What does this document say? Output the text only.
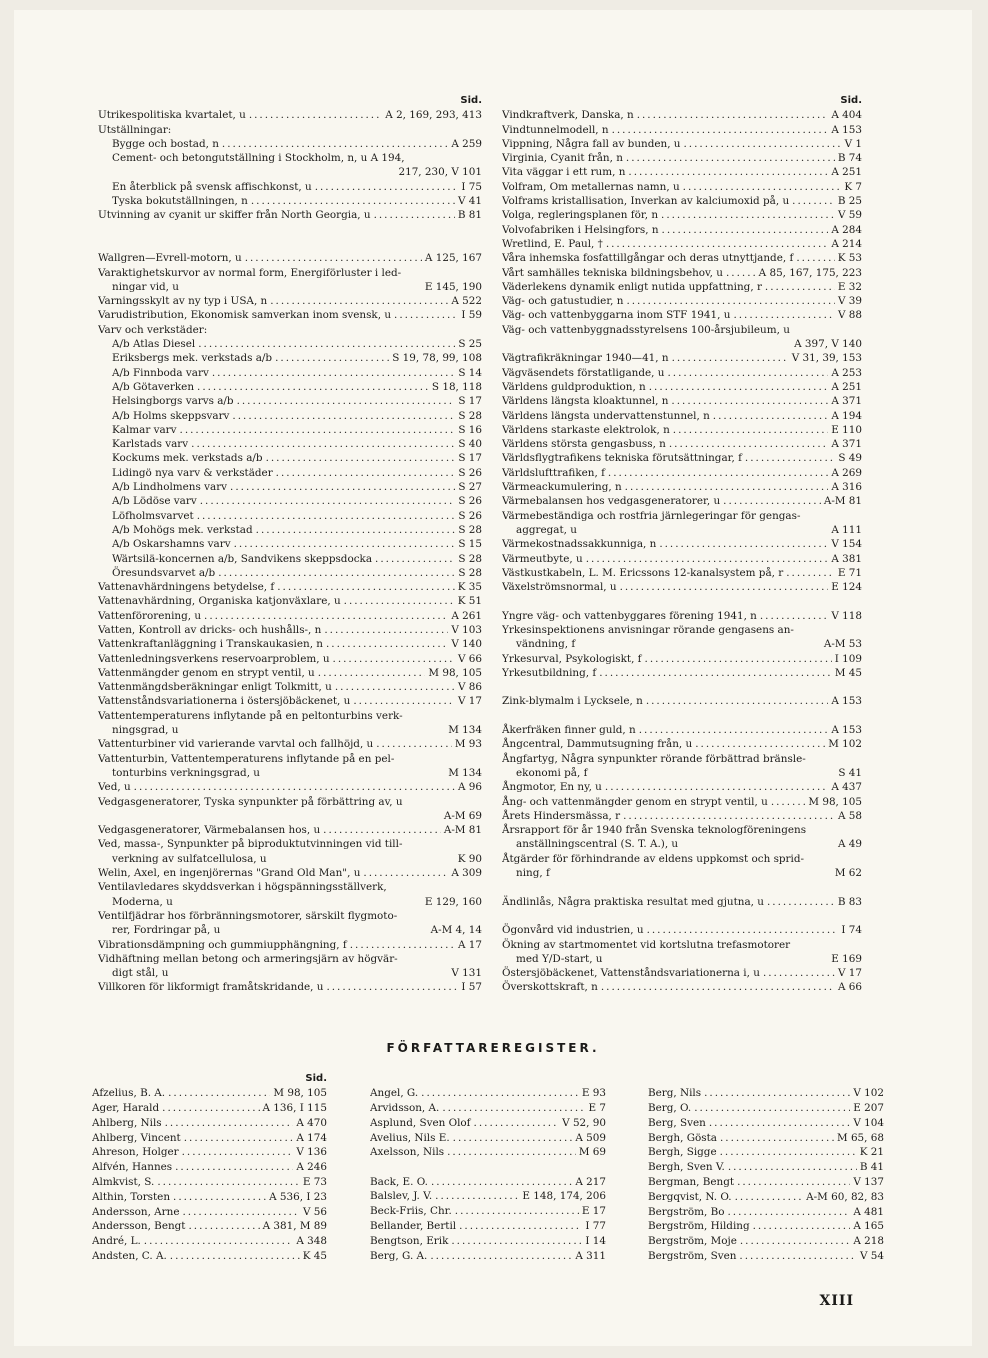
Sid.
Utrikespolitiska kvartalet, u .....	A 2, 169, 293, 413
Utställningar:
Bygge och bostad, n .....	A 259
Cement- och betongutställning i Stockholm, n, u A 194,
217, 230, V 101
En återblick på svensk affischkonst, u .....	I 75
Tyska bokutställningen, n .....	V 41
Utvinning av cyanit ur skiffer från North Georgia, u .....	B 81
Wallgren—Evrell-motorn, u .....	A 125, 167
Varaktighetskurvor av normal form, Energiförluster i led-
ningar vid, u	E 145, 190
Varningsskylt av ny typ i USA, n .....	A 522
Varudistribution, Ekonomisk samverkan inom svensk, u .....	I 59
Varv och verkstäder:
A/b Atlas Diesel .....	S 25
Eriksbergs mek. verkstads a/b .....	S 19, 78, 99, 108
A/b Finnboda varv .....	S 14
A/b Götaverken .....	S 18, 118
Helsingborgs varvs a/b .....	S 17
A/b Holms skeppsvarv .....	S 28
Kalmar varv .....	S 16
Karlstads varv .....	S 40
Kockums mek. verkstads a/b .....	S 17
Lidingö nya varv & verkstäder .....	S 26
A/b Lindholmens varv .....	S 27
A/b Lödöse varv .....	S 26
Löfholmsvarvet .....	S 26
A/b Mohögs mek. verkstad .....	S 28
A/b Oskarshamns varv .....	S 15
Wärtsilä-koncernen a/b, Sandvikens skeppsdocka .....	S 28
Öresundsvarvet a/b .....	S 28
Vattenavhärdningens betydelse, f .....	K 35
Vattenavhärdning, Organiska katjonväxlare, u .....	K 51
Vattenförorening, u .....	A 261
Vatten, Kontroll av dricks- och hushålls-, n .....	V 103
Vattenkraftanläggning i Transkaukasien, n .....	V 140
Vattenledningsverkens reservoarproblem, u .....	V 66
Vattenmängder genom en strypt ventil, u .....	M 98, 105
Vattenmängdsberäkningar enligt Tolkmitt, u .....	V 86
Vattenståndsvariationerna i östersjöbäckenet, u .....	V 17
Vattentemperaturens inflytande på en peltonturbins verk-
ningsgrad, u	M 134
Vattenturbiner vid varierande varvtal och fallhöjd, u .....	M 93
Vattenturbin, Vattentemperaturens inflytande på en pel-
tonturbins verkningsgrad, u	M 134
Ved, u .....	A 96
Vedgasgeneratorer, Tyska synpunkter på förbättring av, u
A-M 69
Vedgasgeneratorer, Värmebalansen hos, u .....	A-M 81
Ved, massa-, Synpunkter på biproduktutvinningen vid till-
verkning av sulfatcellulosa, u	K 90
Welin, Axel, en ingenjörernas "Grand Old Man", u .....	A 309
Ventilavledares skyddsverkan i högspänningsställverk,
Moderna, u	E 129, 160
Ventilfjädrar hos förbränningsmotorer, särskilt flygmoto-
rer, Fordringar på, u	A-M 4, 14
Vibrationsdämpning och gummiupphängning, f .....	A 17
Vidhäftning mellan betong och armeringsjärn av högvär-
digt stål, u	V 131
Villkoren för likformigt framåtskridande, u .....	I 57
Sid.
Vindkraftverk, Danska, n .....	A 404
Vindtunnelmodell, n .....	A 153
Vippning, Några fall av bunden, u .....	V 1
Virginia, Cyanit från, n .....	B 74
Vita väggar i ett rum, n .....	A 251
Volfram, Om metallernas namn, u .....	K 7
Volframs kristallisation, Inverkan av kalciumoxid på, u .....	B 25
Volga, regleringsplanen för, n .....	V 59
Volvofabriken i Helsingfors, n .....	A 284
Wretlind, E. Paul, † .....	A 214
Våra inhemska fosfattillgångar och deras utnyttjande, f .....	K 53
Vårt samhälles tekniska bildningsbehov, u .....	A 85, 167, 175, 223
Väderlekens dynamik enligt nutida uppfattning, r .....	E 32
Väg- och gatustudier, n .....	V 39
Väg- och vattenbyggarna inom STF 1941, u .....	V 88
Väg- och vattenbyggnadsstyrelsens 100-årsjubileum, u
A 397, V 140
Vägtrafikräkningar 1940—41, n .....	V 31, 39, 153
Vägväsendets förstatligande, u .....	A 253
Världens guldproduktion, n .....	A 251
Världens längsta kloaktunnel, n .....	A 371
Världens längsta undervattenstunnel, n .....	A 194
Världens starkaste elektrolok, n .....	E 110
Världens största gengasbuss, n .....	A 371
Världsflygtrafikens tekniska förutsättningar, f .....	S 49
Världslufttrafiken, f .....	A 269
Värmeackumulering, n .....	A 316
Värmebalansen hos vedgasgeneratorer, u .....	A-M 81
Värmebeständiga och rostfria järnlegeringar för gengas-
aggregat, u	A 111
Värmekostnadssakkunniga, n .....	V 154
Värmeutbyte, u .....	A 381
Västkustkabeln, L. M. Ericssons 12-kanalsystem på, r .....	E 71
Växelströmsnormal, u .....	E 124
Yngre väg- och vattenbyggares förening 1941, n .....	V 118
Yrkesinspektionens anvisningar rörande gengasens an-
vändning, f	A-M 53
Yrkesurval, Psykologiskt, f .....	I 109
Yrkesutbildning, f .....	M 45
Zink-blymalm i Lycksele, n .....	A 153
Åkerfräken finner guld, n .....	A 153
Ångcentral, Dammutsugning från, u .....	M 102
Ångfartyg, Några synpunkter rörande förbättrad bränsle-
ekonomi på, f	S 41
Ångmotor, En ny, u .....	A 437
Ång- och vattenmängder genom en strypt ventil, u .....	M 98, 105
Årets Hindersmässa, r .....	A 58
Årsrapport för år 1940 från Svenska teknologföreningens
anställningscentral (S. T. A.), u	A 49
Åtgärder för förhindrande av eldens uppkomst och sprid-
ning, f	M 62
Ändlinlås, Några praktiska resultat med gjutna, u .....	B 83
Ögonvård vid industrien, u .....	I 74
Ökning av startmomentet vid kortslutna trefasmotorer
med Y/D-start, u	E 169
Östersjöbäckenet, Vattenståndsvariationerna i, u .....	V 17
Överskottskraft, n .....	A 66
FÖRFATTAREREGISTER.
Sid.
Afzelius, B. A. .....	M 98, 105
Ager, Harald .....	A 136, I 115
Ahlberg, Nils .....	A 470
Ahlberg, Vincent .....	A 174
Ahreson, Holger .....	V 136
Alfvén, Hannes .....	A 246
Almkvist, S. .....	E 73
Althin, Torsten .....	A 536, I 23
Andersson, Arne .....	V 56
Andersson, Bengt .....	A 381, M 89
André, L. .....	A 348
Andsten, C. A. .....	K 45
Angel, G. .....	E 93
Arvidsson, A. .....	E 7
Asplund, Sven Olof .....	V 52, 90
Avelius, Nils E. .....	A 509
Axelsson, Nils .....	M 69
Back, E. O. .....	A 217
Balslev, J. V. .....	E 148, 174, 206
Beck-Friis, Chr. .....	E 17
Bellander, Bertil .....	I 77
Bengtson, Erik .....	I 14
Berg, G. A. .....	A 311
Berg, Nils .....	V 102
Berg, O. .....	E 207
Berg, Sven .....	V 104
Bergh, Gösta .....	M 65, 68
Bergh, Sigge .....	K 21
Bergh, Sven V. .....	B 41
Bergman, Bengt .....	V 137
Bergqvist, N. O. .....	A-M 60, 82, 83
Bergström, Bo .....	A 481
Bergström, Hilding .....	A 165
Bergström, Moje .....	A 218
Bergström, Sven .....	V 54
XIII
